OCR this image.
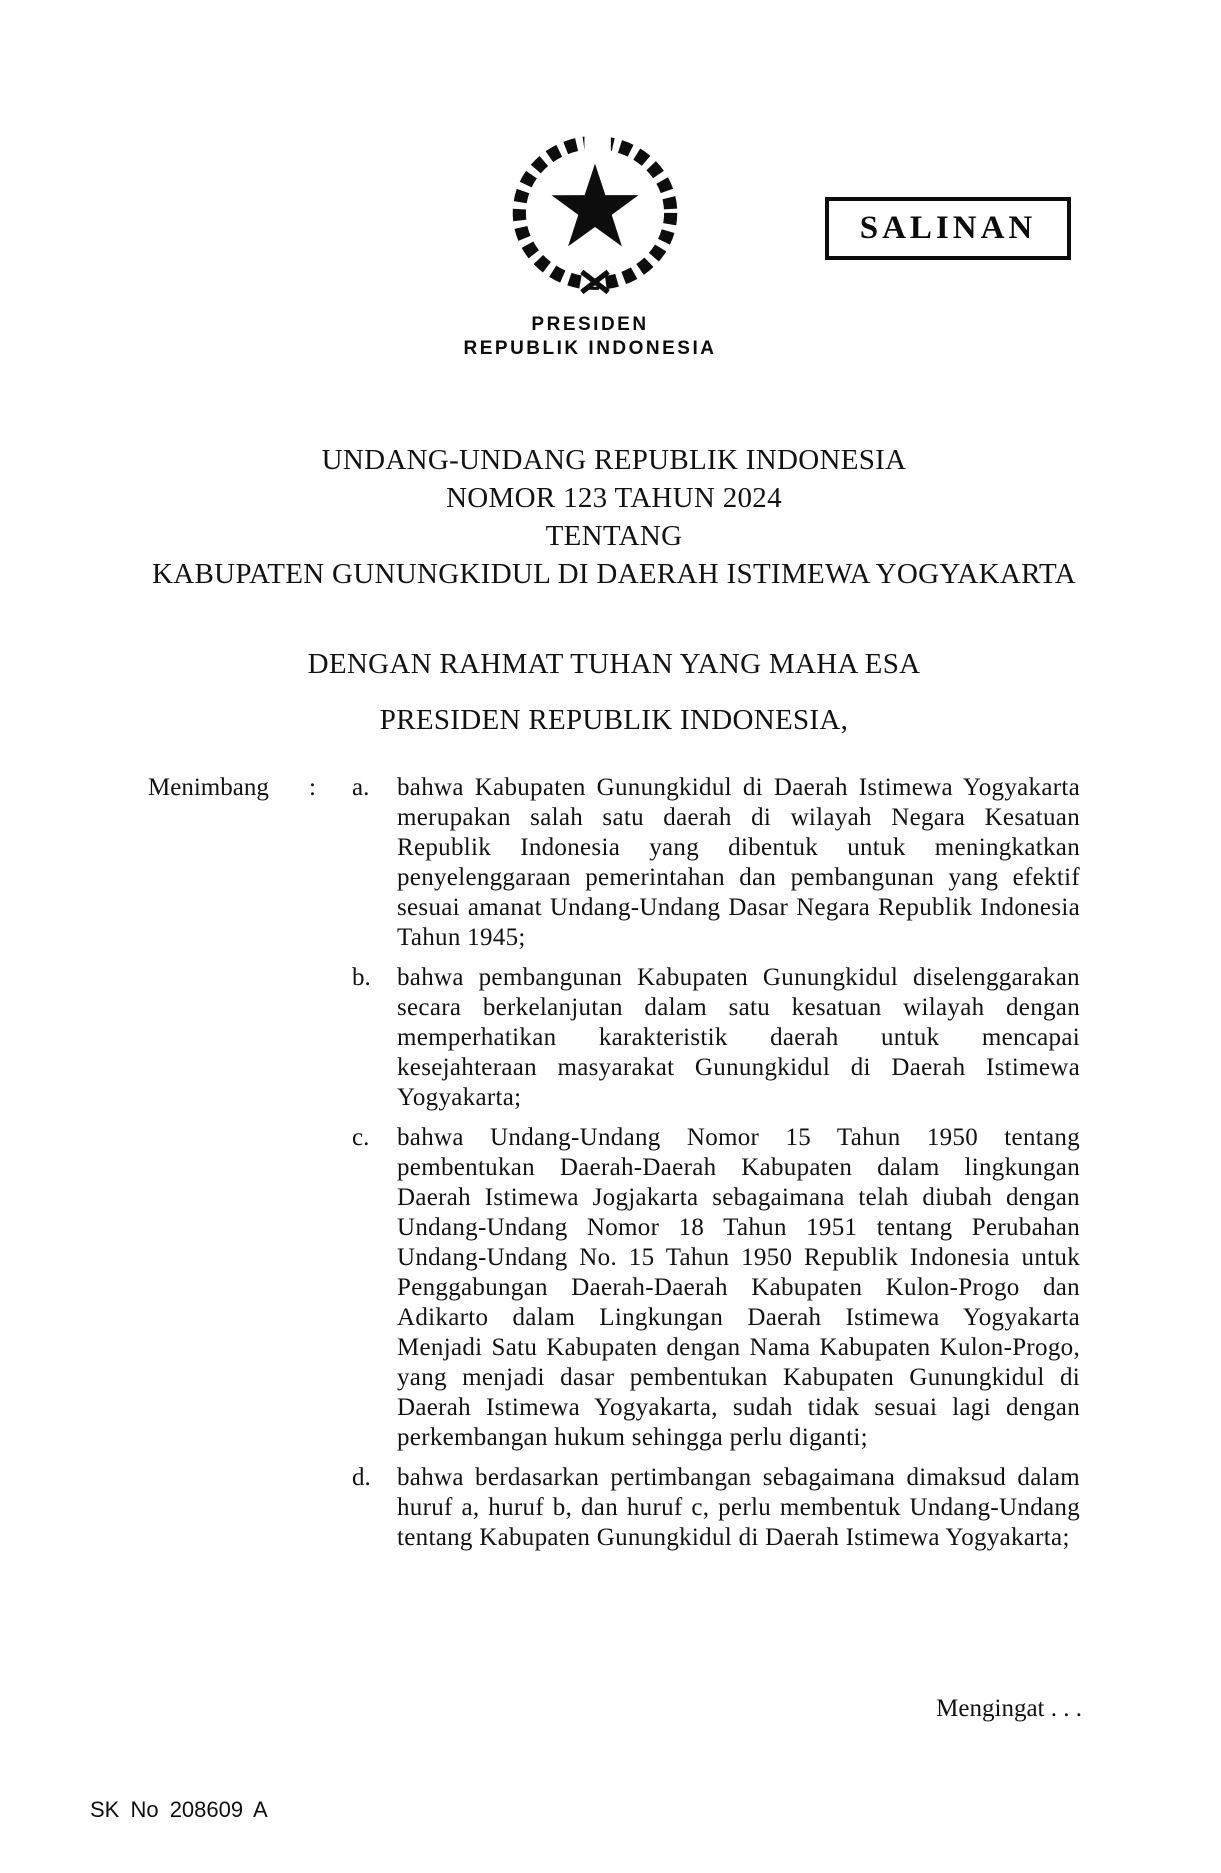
PRESIDEN
REPUBLIK INDONESIA
SALINAN
UNDANG-UNDANG REPUBLIK INDONESIA
NOMOR 123 TAHUN 2024
TENTANG
KABUPATEN GUNUNGKIDUL DI DAERAH ISTIMEWA YOGYAKARTA

DENGAN RAHMAT TUHAN YANG MAHA ESA

PRESIDEN REPUBLIK INDONESIA,

Menimbang	:	a.	bahwa Kabupaten Gunungkidul di Daerah Istimewa Yogyakarta merupakan salah satu daerah di wilayah Negara Kesatuan Republik Indonesia yang dibentuk untuk meningkatkan penyelenggaraan pemerintahan dan pembangunan yang efektif sesuai amanat Undang-Undang Dasar Negara Republik Indonesia Tahun 1945;

b.	bahwa pembangunan Kabupaten Gunungkidul diselenggarakan secara berkelanjutan dalam satu kesatuan wilayah dengan memperhatikan karakteristik daerah untuk mencapai kesejahteraan masyarakat Gunungkidul di Daerah Istimewa Yogyakarta;

c.	bahwa Undang-Undang Nomor 15 Tahun 1950 tentang pembentukan Daerah-Daerah Kabupaten dalam lingkungan Daerah Istimewa Jogjakarta sebagaimana telah diubah dengan Undang-Undang Nomor 18 Tahun 1951 tentang Perubahan Undang-Undang No. 15 Tahun 1950 Republik Indonesia untuk Penggabungan Daerah-Daerah Kabupaten Kulon-Progo dan Adikarto dalam Lingkungan Daerah Istimewa Yogyakarta Menjadi Satu Kabupaten dengan Nama Kabupaten Kulon-Progo, yang menjadi dasar pembentukan Kabupaten Gunungkidul di Daerah Istimewa Yogyakarta, sudah tidak sesuai lagi dengan perkembangan hukum sehingga perlu diganti;

d.	bahwa berdasarkan pertimbangan sebagaimana dimaksud dalam huruf a, huruf b, dan huruf c, perlu membentuk Undang-Undang tentang Kabupaten Gunungkidul di Daerah Istimewa Yogyakarta;

Mengingat . . .
SK No 208609 A
